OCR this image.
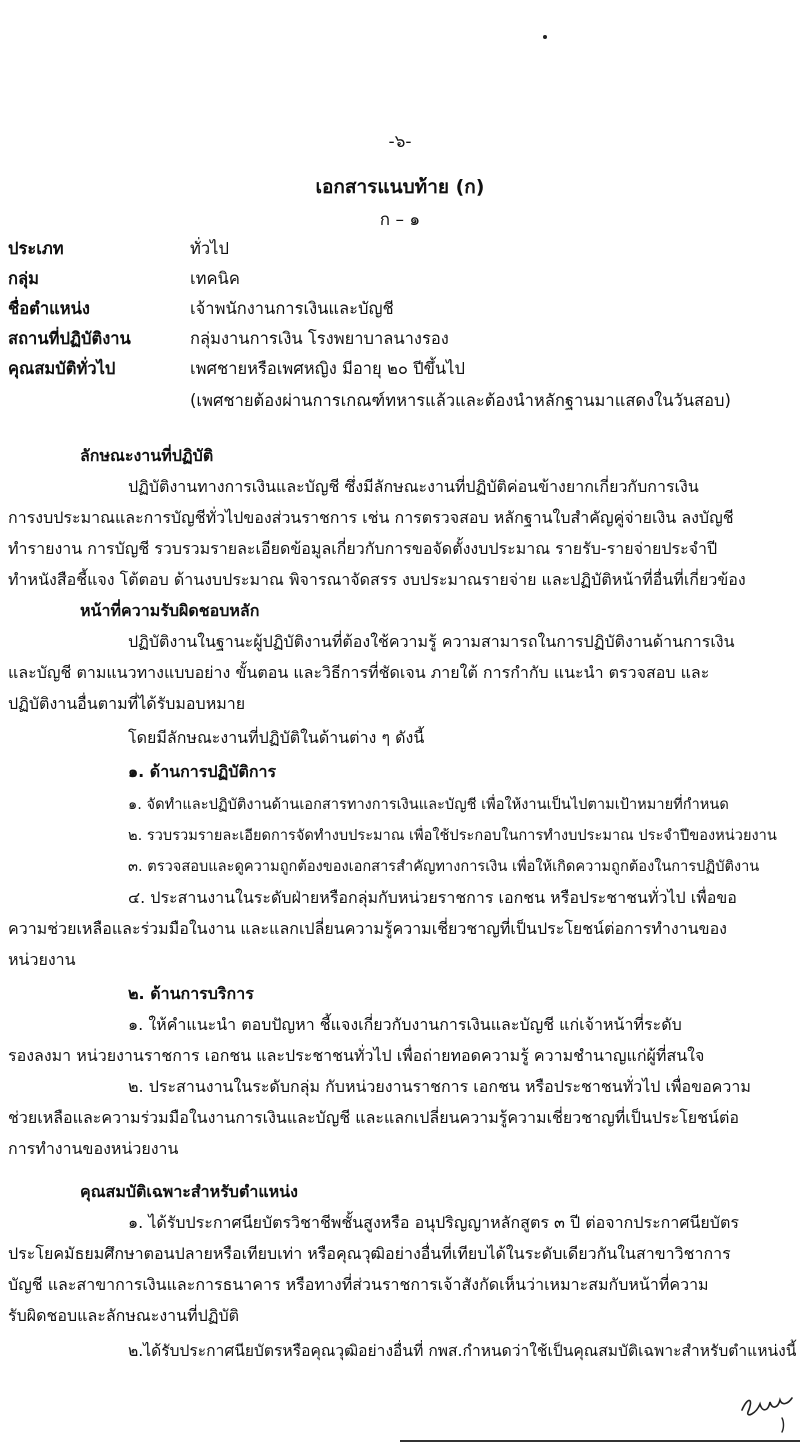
-๖-
เอกสารแนบท้าย (ก)
ก – ๑
ประเภท	ทั่วไป
กลุ่ม	เทคนิค
ชื่อตำแหน่ง	เจ้าพนักงานการเงินและบัญชี
สถานที่ปฏิบัติงาน	กลุ่มงานการเงิน โรงพยาบาลนางรอง
คุณสมบัติทั่วไป	เพศชายหรือเพศหญิง มีอายุ ๒๐ ปีขึ้นไป
(เพศชายต้องผ่านการเกณฑ์ทหารแล้วและต้องนำหลักฐานมาแสดงในวันสอบ)
ลักษณะงานที่ปฏิบัติ
ปฏิบัติงานทางการเงินและบัญชี ซึ่งมีลักษณะงานที่ปฏิบัติค่อนข้างยากเกี่ยวกับการเงิน
การงบประมาณและการบัญชีทั่วไปของส่วนราชการ เช่น การตรวจสอบ หลักฐานใบสำคัญคู่จ่ายเงิน ลงบัญชี
ทำรายงาน การบัญชี รวบรวมรายละเอียดข้อมูลเกี่ยวกับการขอจัดตั้งงบประมาณ รายรับ-รายจ่ายประจำปี
ทำหนังสือชี้แจง โต้ตอบ ด้านงบประมาณ พิจารณาจัดสรร งบประมาณรายจ่าย และปฏิบัติหน้าที่อื่นที่เกี่ยวข้อง
หน้าที่ความรับผิดชอบหลัก
ปฏิบัติงานในฐานะผู้ปฏิบัติงานที่ต้องใช้ความรู้ ความสามารถในการปฏิบัติงานด้านการเงิน
และบัญชี ตามแนวทางแบบอย่าง ขั้นตอน และวิธีการที่ชัดเจน ภายใต้ การกำกับ แนะนำ ตรวจสอบ และ
ปฏิบัติงานอื่นตามที่ได้รับมอบหมาย
โดยมีลักษณะงานที่ปฏิบัติในด้านต่าง ๆ ดังนี้
๑. ด้านการปฏิบัติการ
๑. จัดทำและปฏิบัติงานด้านเอกสารทางการเงินและบัญชี เพื่อให้งานเป็นไปตามเป้าหมายที่กำหนด
๒. รวบรวมรายละเอียดการจัดทำงบประมาณ เพื่อใช้ประกอบในการทำงบประมาณ ประจำปีของหน่วยงาน
๓. ตรวจสอบและดูความถูกต้องของเอกสารสำคัญทางการเงิน เพื่อให้เกิดความถูกต้องในการปฏิบัติงาน
๔. ประสานงานในระดับฝ่ายหรือกลุ่มกับหน่วยราชการ เอกชน หรือประชาชนทั่วไป เพื่อขอ
ความช่วยเหลือและร่วมมือในงาน และแลกเปลี่ยนความรู้ความเชี่ยวชาญที่เป็นประโยชน์ต่อการทำงานของ
หน่วยงาน
๒. ด้านการบริการ
๑. ให้คำแนะนำ ตอบปัญหา ชี้แจงเกี่ยวกับงานการเงินและบัญชี แก่เจ้าหน้าที่ระดับ
รองลงมา หน่วยงานราชการ เอกชน และประชาชนทั่วไป เพื่อถ่ายทอดความรู้ ความชำนาญแก่ผู้ที่สนใจ
๒. ประสานงานในระดับกลุ่ม กับหน่วยงานราชการ เอกชน หรือประชาชนทั่วไป เพื่อขอความ
ช่วยเหลือและความร่วมมือในงานการเงินและบัญชี และแลกเปลี่ยนความรู้ความเชี่ยวชาญที่เป็นประโยชน์ต่อ
การทำงานของหน่วยงาน
คุณสมบัติเฉพาะสำหรับตำแหน่ง
๑. ได้รับประกาศนียบัตรวิชาชีพชั้นสูงหรือ อนุปริญญาหลักสูตร ๓ ปี ต่อจากประกาศนียบัตร
ประโยคมัธยมศึกษาตอนปลายหรือเทียบเท่า หรือคุณวุฒิอย่างอื่นที่เทียบได้ในระดับเดียวกันในสาขาวิชาการ
บัญชี และสาขาการเงินและการธนาคาร หรือทางที่ส่วนราชการเจ้าสังกัดเห็นว่าเหมาะสมกับหน้าที่ความ
รับผิดชอบและลักษณะงานที่ปฏิบัติ
๒.ได้รับประกาศนียบัตรหรือคุณวุฒิอย่างอื่นที่ กพส.กำหนดว่าใช้เป็นคุณสมบัติเฉพาะสำหรับตำแหน่งนี้
